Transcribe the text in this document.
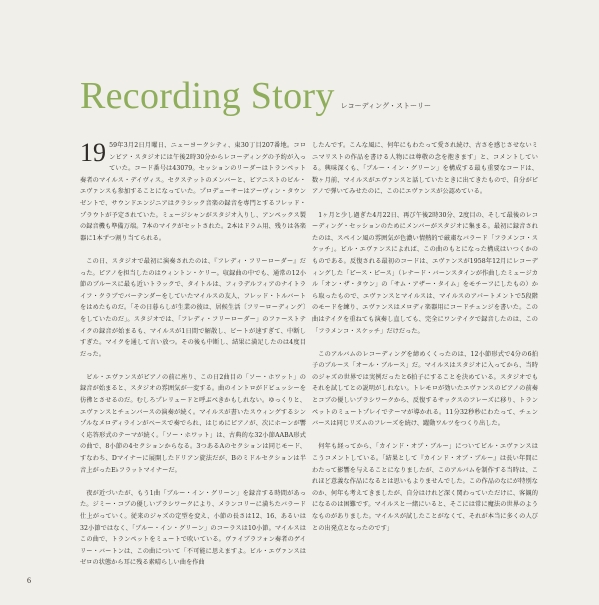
Recording Story レコーディング・ストーリー

19 59年3月2日月曜日、ニューヨークシティ、東30丁目207番地。コロンビア・スタジオには午後2時30分からレコーディングの予約が入っていた。コード番号は43079。セッションのリーダーはトランペット奏者のマイルス・デイヴィス。セクステットのメンバーと、ピアニストのビル・エヴァンスも参加することになっていた。プロデューサーはアーヴィン・タウンゼントで、サウンドエンジニアはクラシック音楽の録音を専門とするフレッド・プラウトが予定されていた。ミュージシャンがスタジオ入りし、アンペックス製の録音機も準備万端。7本のマイクがセットされた。2本はドラム用、残りは各楽器に1本ずつ割り当てられる。

この日、スタジオで最初に演奏されたのは、『フレディ・フリーローダー』だった。ピアノを担当したのはウィントン・ケリー。収録曲の中でも、通常の12小節のブルースに最も近いトラックで、タイトルは、フィラデルフィアのナイトライフ・クラブでバーテンダーをしていたマイルスの友人、フレッド・トルバートをはめたものだ。「その日暮らしが生業の彼は、居候生活〔フリーローディング〕をしていたのだ」。スタジオでは、「フレディ・フリーローダー」のファーストテイクの録音が始まるも、マイルスが1日間で解散し、ビートが速すぎて、中断しすぎた。マイクを通して言い放つ。その後も中断し、結果に満足したのは4度目だった。

ビル・エヴァンスがピアノの前に座り、この日2曲目の「ソー・ホワット」の録音が始まると、スタジオの雰囲気が一変する。曲のイントロがドビュッシーを彷彿とさせるのだ。むしろプレリュードと呼ぶべきかもしれない。ゆっくりと、エヴァンスとチェンバースの演奏が続く。マイルスが書いたスウィングするシンプルなメロディラインがベースで奏でられ、はじめにピアノが、次にホーンが響く応答形式のテーマが続く。「ソー・ホワット」は、古典的な32小節AABA形式の曲で、8小節の4セクションからなる。3つあるAのセクションは同じモード、すなわち、Dマイナーに展開したドリアン旋法だが、Bのミドルセクションは半音上がったE♭フラットマイナーだ。

夜が近づいたが、もう1曲「ブルー・イン・グリーン」を録音する時間があった。ジミー・コブの優しいブラシワークにより、メランコリーに満ちたバラード仕上がっていく。従来のジャズの定型を変え、小節の長さは12、16、あるいは32小節ではなく、「ブルー・イン・グリーン」のコーラスは10小節。マイルスはこの曲で、トランペットをミュートで吹いている。ヴァイブラフォン奏者のゲイリー・バートンは、この曲について「不可能に思えますよ。ビル・エヴァンスはゼロの状態から耳に残る素晴らしい曲を作曲

したんです。こんな風に、何年にもわたって愛され続け、古さを感じさせないミニマリストの作品を書ける人物には尊敬の念を抱きます」と、コメントしている。興味深くも、「ブルー・イン・グリーン」を構成する最も重要なコードは、数ヶ月前、マイルスがエヴァンスと話していたときに出てきたもので、自分がピアノで弾いてみせたのに、このにエヴァンスが公認めている。

1ヶ月と少し過ぎた4月22日、再び午後2時30分、2度目の、そして最後のレコーディング・セッションのためにメンバーがスタジオに集まる。最初に録音されたのは、スペイン風の雰囲気が色濃い情熱的で厳粛なバラード「フラメンコ・スケッチ」。ビル・エヴァンスによれば、この曲のもとになった構成はいつくかのものである。反復される最初のコードは、エヴァンスが1958年12月にレコーディングした「ピース・ピース」（レナード・バーンスタインが作曲したミュージカル「オン・ザ・タウン」の「サム・アザー・タイム」をモチーフにしたもの）から取ったもので、エヴァンスとマイルスは、マイルスのアパートメントで5段階のモードを練り、エヴァンスはメロディ楽器用にコードチェンジを書いた。この曲はテイクを重ねても演奏し直しても、完全にワンテイクで録音したのは、この「フラメンコ・スケッチ」だけだった。

このアルバムのレコーディングを締めくくったのは、12小節形式で4分の6拍子のブルース「オール・ブルース」だ。マイルスはスタジオに入ってから、当時のジャズの世界では実例だったと6拍子にすることを決めている。スタジオでもそれを試してとの説明がしれない。トレモロが効いたエヴァンスのピアノの前奏とコブの優しいブラシワークから、反復するサックスのフレーズに移り、トランペットのミュートプレイでテーマが導かれる。11分32秒秒にわたって、チェンバースは同じリズムのフレーズを続け、躍動ワルツをつくり出した。

何年も経ってから、「カインド・オブ・ブルー」についてビル・エヴァンスはこうコメントしている。「結果として『カインド・オブ・ブルー』は長い年間にわたって影響を与えることになりましたが、このアルバムを制作する当時は、これほど意義な作品になるとは思いもよりませんでした。この作品のなにが特別なのか、何年も考えてきましたが、自分はけれど深く関わっていただけに、客観的になるのは困難です。マイルスと一緒にいると、そこには常に魔法の世界のようなものがありました。マイルスが試したことがなくて、それが本当に多くの人びとの出発点となったのです」

6
